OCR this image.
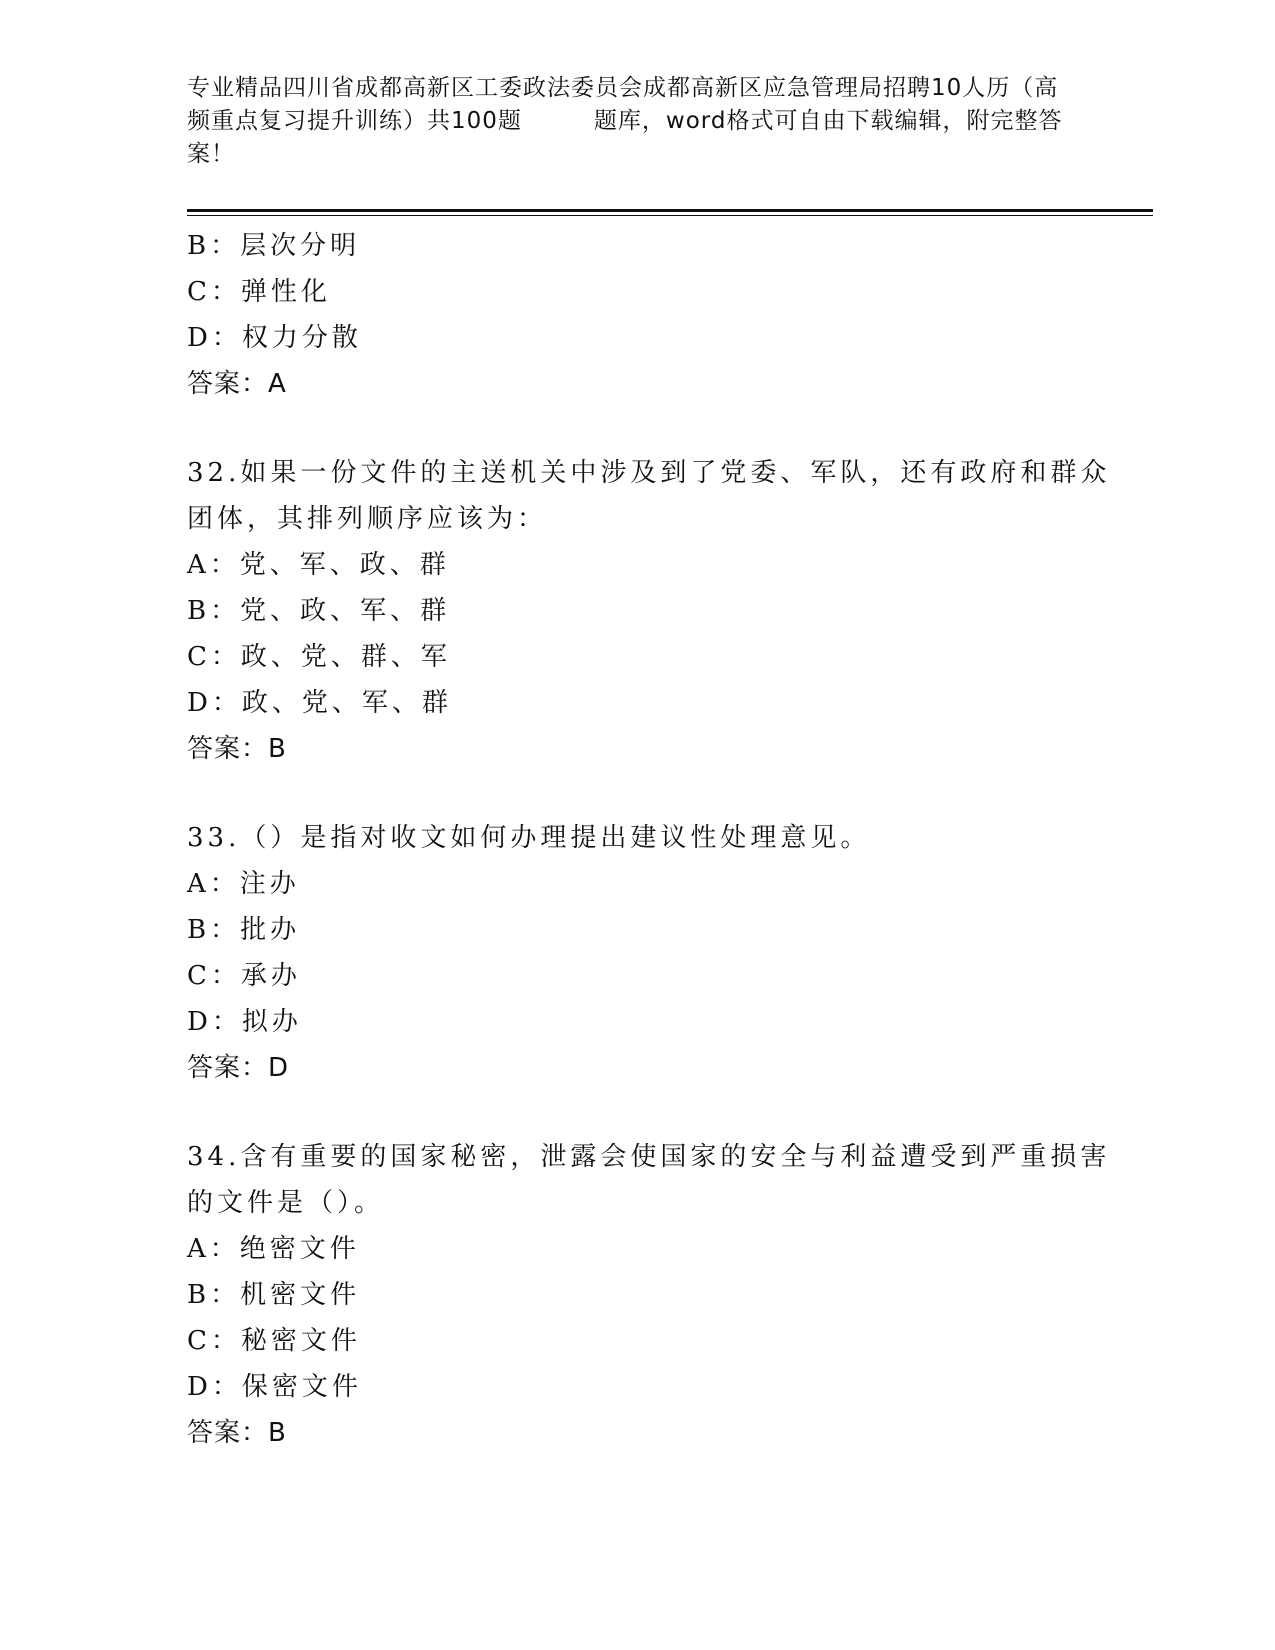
专业精品四川省成都高新区工委政法委员会成都高新区应急管理局招聘10人历（高频重点复习提升训练）共100题	题库，word格式可自由下载编辑，附完整答案！

B：层次分明
C：弹性化
D：权力分散
答案：A
32.如果一份文件的主送机关中涉及到了党委、军队，还有政府和群众
团体，其排列顺序应该为：
A：党、军、政、群
B：党、政、军、群
C：政、党、群、军
D：政、党、军、群
答案：B
33.（）是指对收文如何办理提出建议性处理意见。
A：注办
B：批办
C：承办
D：拟办
答案：D
34.含有重要的国家秘密，泄露会使国家的安全与利益遭受到严重损害
的文件是（）。
A：绝密文件
B：机密文件
C：秘密文件
D：保密文件
答案：B
